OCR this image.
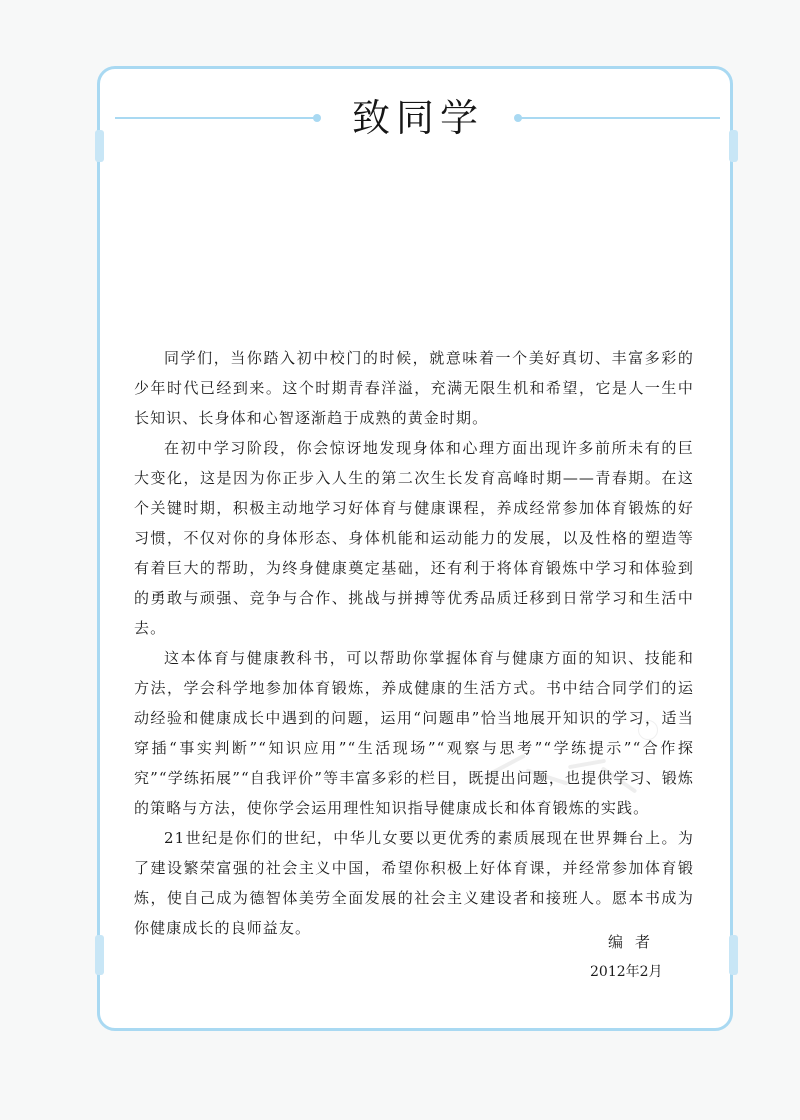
致同学

同学们，当你踏入初中校门的时候，就意味着一个美好真切、丰富多彩的少年时代已经到来。这个时期青春洋溢，充满无限生机和希望，它是人一生中长知识、长身体和心智逐渐趋于成熟的黄金时期。

在初中学习阶段，你会惊讶地发现身体和心理方面出现许多前所未有的巨大变化，这是因为你正步入人生的第二次生长发育高峰时期——青春期。在这个关键时期，积极主动地学习好体育与健康课程，养成经常参加体育锻炼的好习惯，不仅对你的身体形态、身体机能和运动能力的发展，以及性格的塑造等有着巨大的帮助，为终身健康奠定基础，还有利于将体育锻炼中学习和体验到的勇敢与顽强、竞争与合作、挑战与拼搏等优秀品质迁移到日常学习和生活中去。

这本体育与健康教科书，可以帮助你掌握体育与健康方面的知识、技能和方法，学会科学地参加体育锻炼，养成健康的生活方式。书中结合同学们的运动经验和健康成长中遇到的问题，运用“问题串”恰当地展开知识的学习，适当穿插“事实判断”“知识应用”“生活现场”“观察与思考”“学练提示”“合作探究”“学练拓展”“自我评价”等丰富多彩的栏目，既提出问题，也提供学习、锻炼的策略与方法，使你学会运用理性知识指导健康成长和体育锻炼的实践。

21世纪是你们的世纪，中华儿女要以更优秀的素质展现在世界舞台上。为了建设繁荣富强的社会主义中国，希望你积极上好体育课，并经常参加体育锻炼，使自己成为德智体美劳全面发展的社会主义建设者和接班人。愿本书成为你健康成长的良师益友。

编者
2012年2月
